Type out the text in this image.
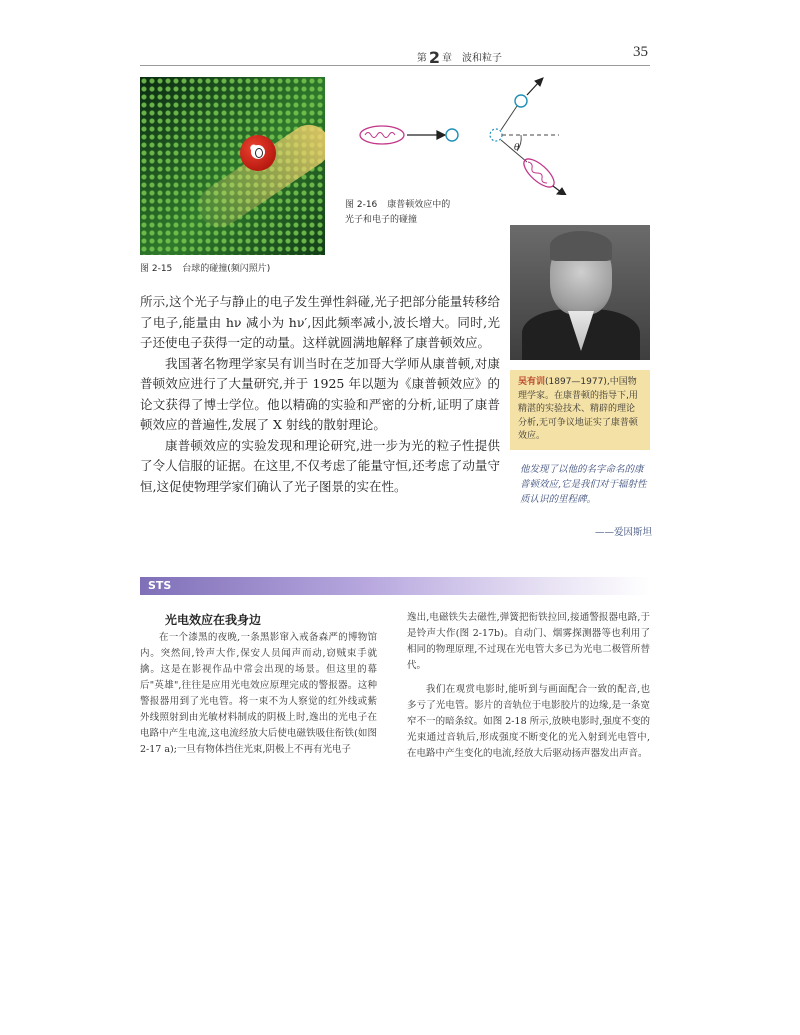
第 2 章 波和粒子	35
图 2-15 台球的碰撞(频闪照片)
θ
图 2-16 康普顿效应中的
光子和电子的碰撞
吴有训(1897—1977),中国物理学家。在康普顿的指导下,用精湛的实验技术、精辟的理论分析,无可争议地证实了康普顿效应。
他发现了以他的名字命名的康普顿效应,它是我们对于辐射性质认识的里程碑。
——爱因斯坦

所示,这个光子与静止的电子发生弹性斜碰,光子把部分能量转移给了电子,能量由 hν 减小为 hν′,因此频率减小,波长增大。同时,光子还使电子获得一定的动量。这样就圆满地解释了康普顿效应。

我国著名物理学家吴有训当时在芝加哥大学师从康普顿,对康普顿效应进行了大量研究,并于 1925 年以题为《康普顿效应》的论文获得了博士学位。他以精确的实验和严密的分析,证明了康普顿效应的普遍性,发展了 X 射线的散射理论。

康普顿效应的实验发现和理论研究,进一步为光的粒子性提供了令人信服的证据。在这里,不仅考虑了能量守恒,还考虑了动量守恒,这促使物理学家们确认了光子图景的实在性。

STS
光电效应在我身边

在一个漆黑的夜晚,一条黑影窜入戒备森严的博物馆内。突然间,铃声大作,保安人员闻声而动,窃贼束手就擒。这是在影视作品中常会出现的场景。但这里的幕后"英雄",往往是应用光电效应原理完成的警报器。这种警报器用到了光电管。将一束不为人察觉的红外线或紫外线照射到由光敏材料制成的阴极上时,逸出的光电子在电路中产生电流,这电流经放大后使电磁铁吸住衔铁(如图 2-17 a);一旦有物体挡住光束,阴极上不再有光电子

逸出,电磁铁失去磁性,弹簧把衔铁拉回,接通警报器电路,于是铃声大作(图 2-17b)。自动门、烟雾探测器等也利用了相同的物理原理,不过现在光电管大多已为光电二极管所替代。

我们在观赏电影时,能听到与画面配合一致的配音,也多亏了光电管。影片的音轨位于电影胶片的边缘,是一条宽窄不一的暗条纹。如图 2-18 所示,放映电影时,强度不变的光束通过音轨后,形成强度不断变化的光入射到光电管中,在电路中产生变化的电流,经放大后驱动扬声器发出声音。
